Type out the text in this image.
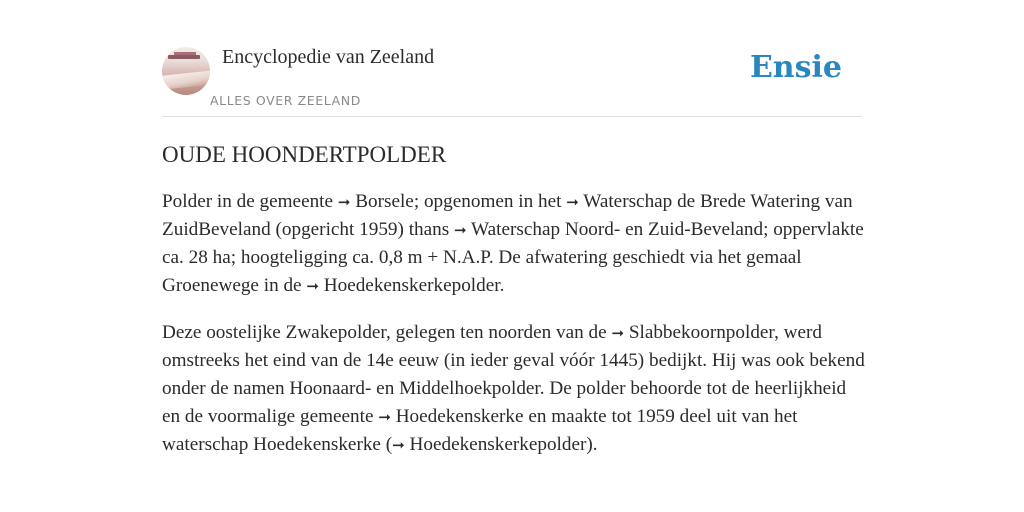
Encyclopedie van Zeeland
ALLES OVER ZEELAND
Ensie
OUDE HOONDERTPOLDER

Polder in de gemeente ➞ Borsele; opgenomen in het ➞ Waterschap de Brede Watering van ZuidBeveland (opgericht 1959) thans ➞ Waterschap Noord- en Zuid-Beveland; oppervlakte ca. 28 ha; hoogteligging ca. 0,8 m + N.A.P. De afwatering geschiedt via het gemaal Groenewege in de ➞ Hoedekenskerkepolder.

Deze oostelijke Zwakepolder, gelegen ten noorden van de ➞ Slabbekoornpolder, werd omstreeks het eind van de 14e eeuw (in ieder geval vóór 1445) bedijkt. Hij was ook bekend onder de namen Hoonaard- en Middelhoekpolder. De polder behoorde tot de heerlijkheid en de voormalige gemeente ➞ Hoedekenskerke en maakte tot 1959 deel uit van het waterschap Hoedekenskerke (➞ Hoedekenskerkepolder).
